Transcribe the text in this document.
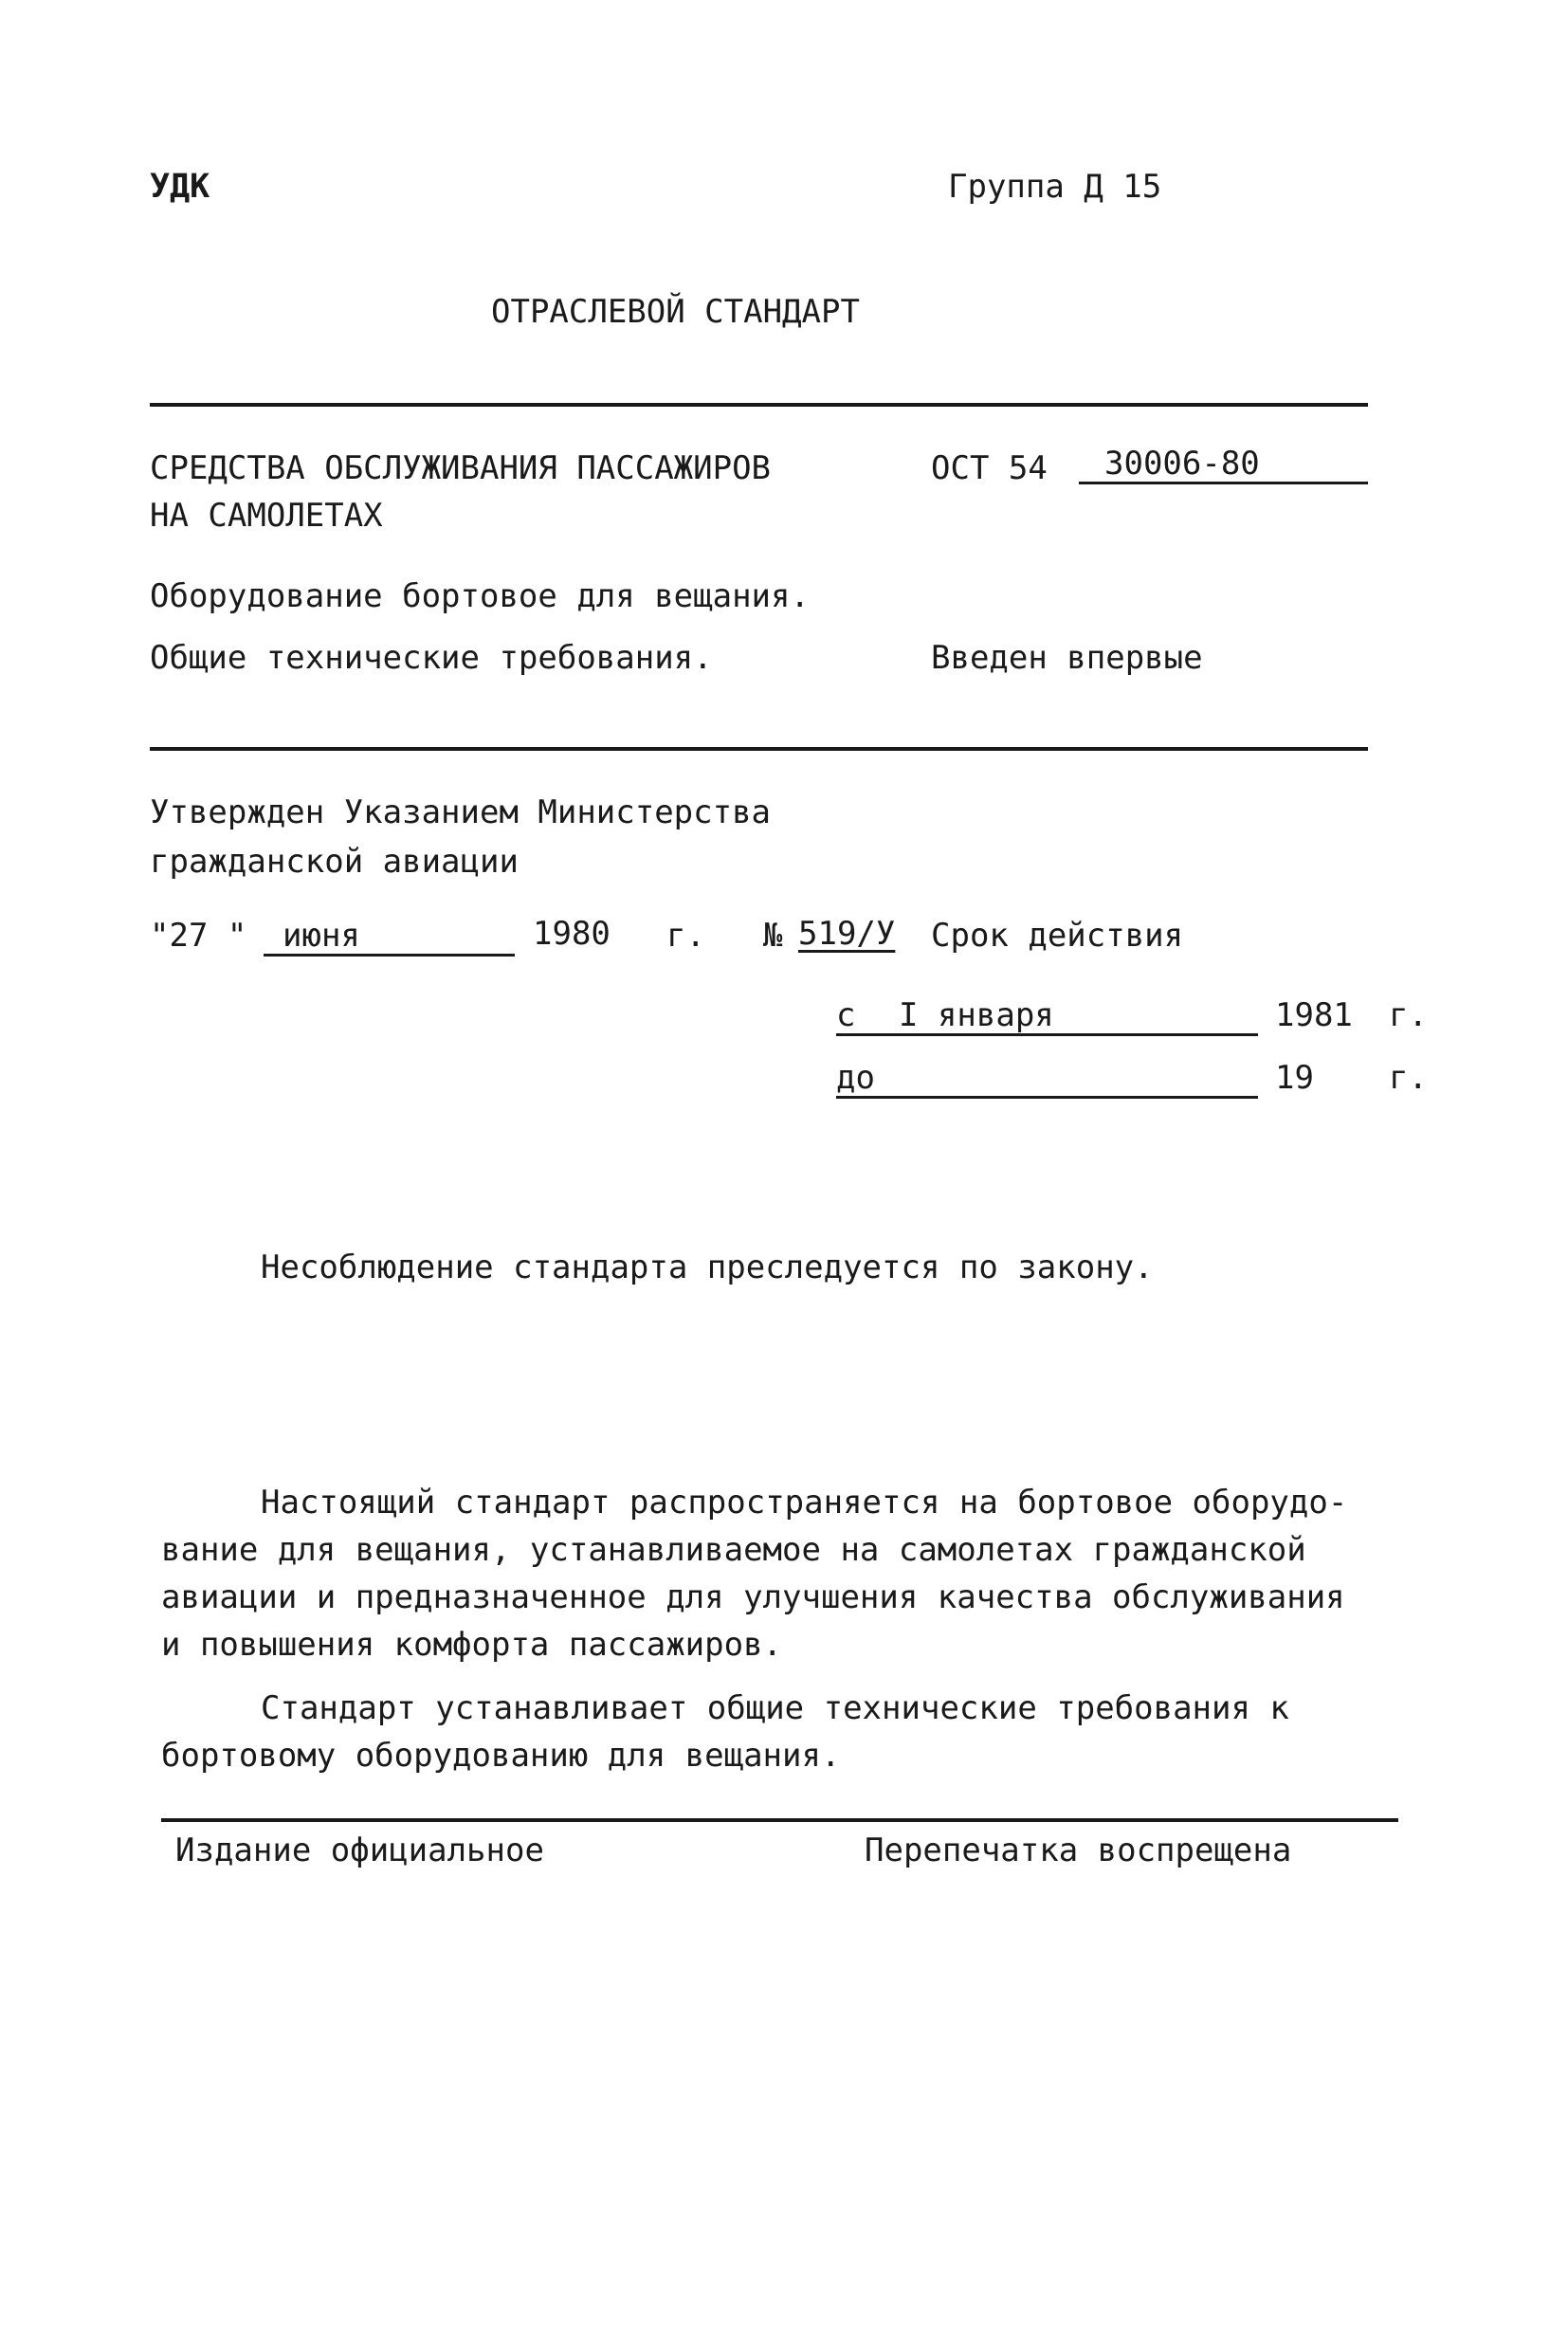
УДК	Группа Д 15
ОТРАСЛЕВОЙ СТАНДАРТ
СРЕДСТВА ОБСЛУЖИВАНИЯ ПАССАЖИРОВ
НА САМОЛЕТАХ
ОСТ 54 30006-80
Оборудование бортовое для вещания.
Общие технические требования.	Введен впервые
Утвержден Указанием Министерства
гражданской авиации
"27 " июня	1980 г. № 519/У Срок действия
с I января	1981 г.
до	19 г.
Несоблюдение стандарта преследуется по закону.
Настоящий стандарт распространяется на бортовое оборудо-
вание для вещания, устанавливаемое на самолетах гражданской
авиации и предназначенное для улучшения качества обслуживания
и повышения комфорта пассажиров.
Стандарт устанавливает общие технические требования к
бортовому оборудованию для вещания.
Издание официальное	Перепечатка воспрещена
